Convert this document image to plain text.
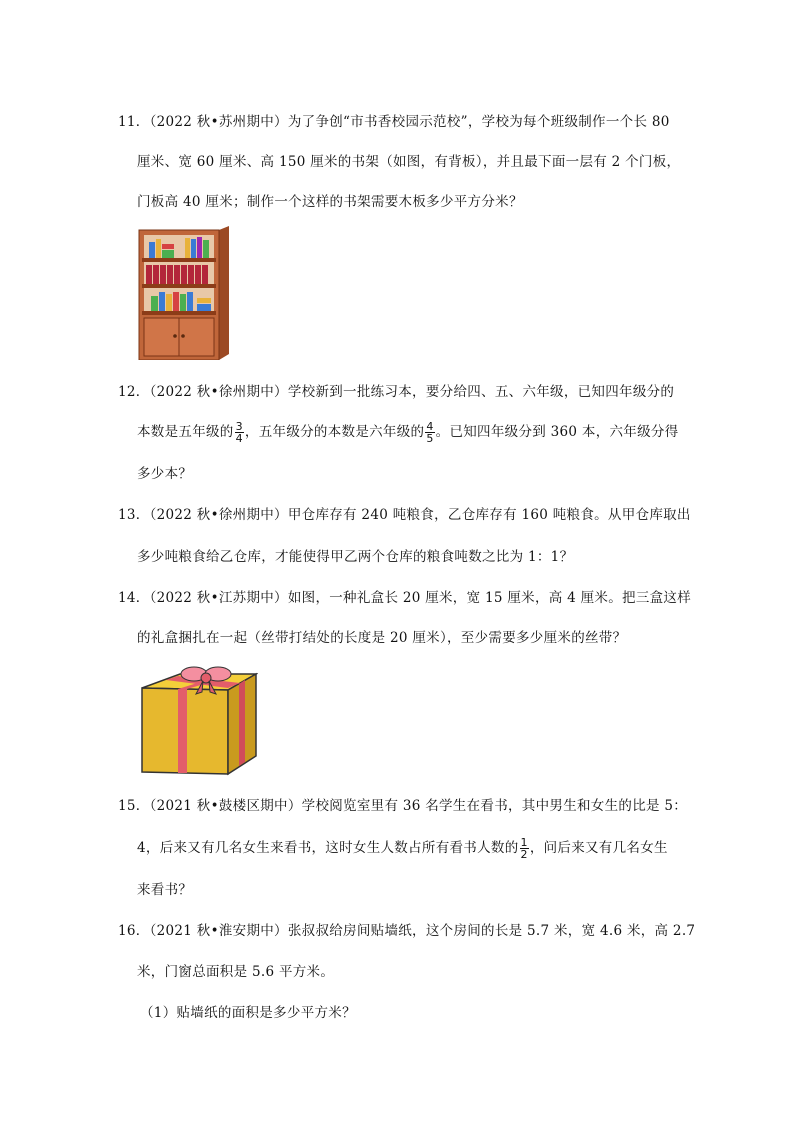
11．（2022 秋•苏州期中）为了争创“市书香校园示范校”，学校为每个班级制作一个长 80
厘米、宽 60 厘米、高 150 厘米的书架（如图，有背板），并且最下面一层有 2 个门板，
门板高 40 厘米；制作一个这样的书架需要木板多少平方分米？
12．（2022 秋•徐州期中）学校新到一批练习本，要分给四、五、六年级，已知四年级分的
本数是五年级的 $\frac{3}{4}$ ，五年级分的本数是六年级的 $\frac{4}{5}$ 。已知四年级分到 360 本，六年级分得
多少本？
13．（2022 秋•徐州期中）甲仓库存有 240 吨粮食，乙仓库存有 160 吨粮食。从甲仓库取出
多少吨粮食给乙仓库，才能使得甲乙两个仓库的粮食吨数之比为 1：1？
14．（2022 秋•江苏期中）如图，一种礼盒长 20 厘米，宽 15 厘米，高 4 厘米。把三盒这样
的礼盒捆扎在一起（丝带打结处的长度是 20 厘米），至少需要多少厘米的丝带？
15．（2021 秋•鼓楼区期中）学校阅览室里有 36 名学生在看书，其中男生和女生的比是 5：
4，后来又有几名女生来看书，这时女生人数占所有看书人数的 $\frac{1}{2}$ ，问后来又有几名女生
来看书？
16．（2021 秋•淮安期中）张叔叔给房间贴墙纸，这个房间的长是 5.7 米，宽 4.6 米，高 2.7
米，门窗总面积是 5.6 平方米。
（1）贴墙纸的面积是多少平方米？
